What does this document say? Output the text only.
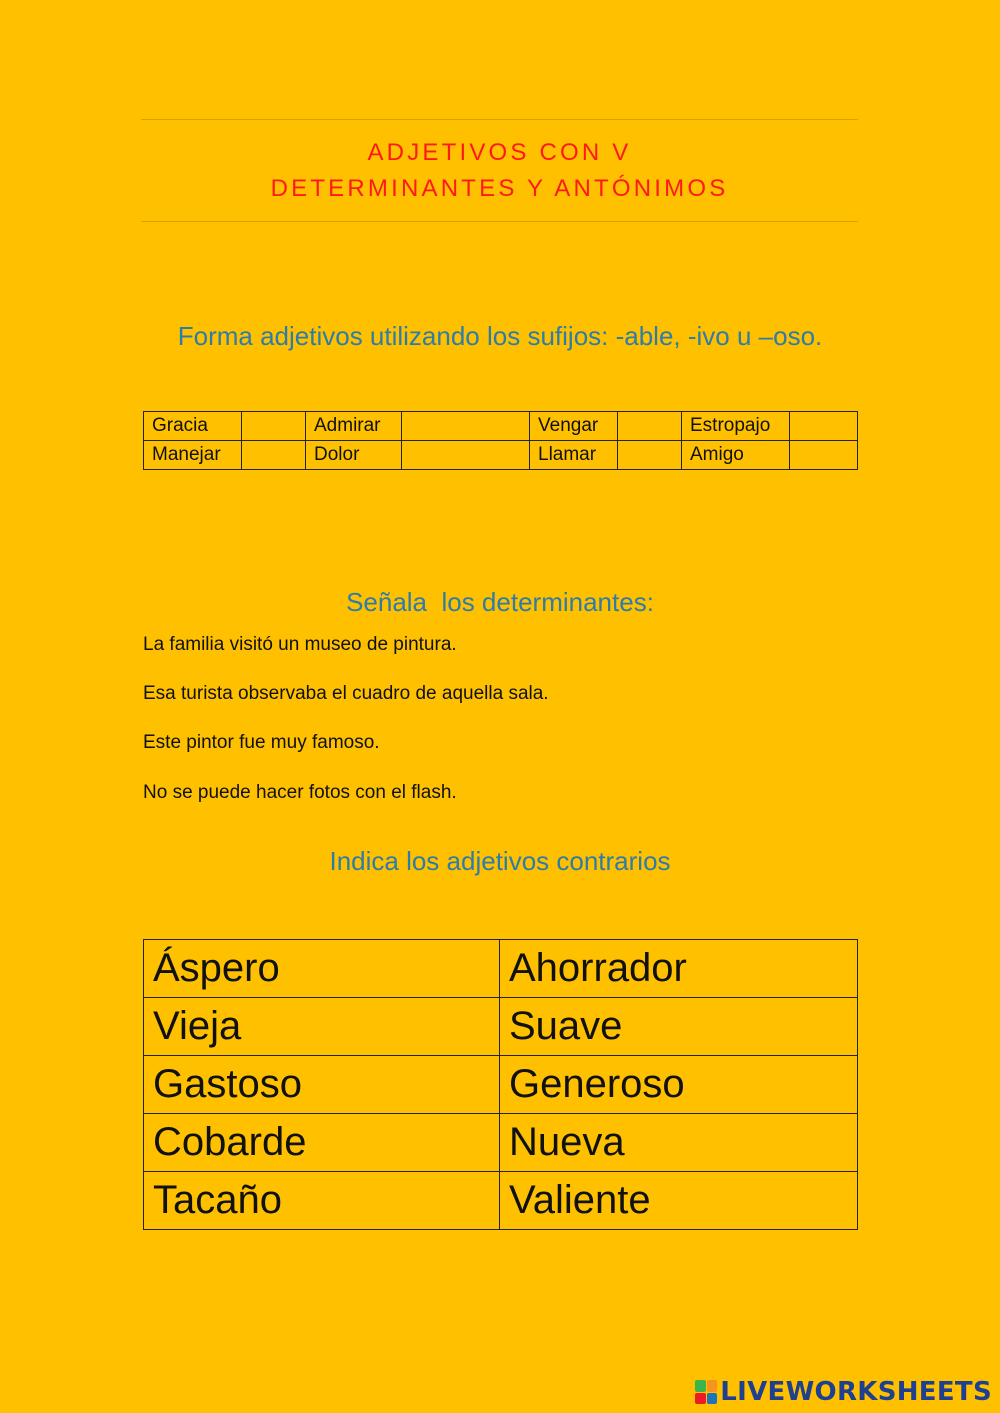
ADJETIVOS CON V
DETERMINANTES Y ANTÓNIMOS
Forma adjetivos utilizando los sufijos: -able, -ivo u –oso.
Gracia		Admirar		Vengar		Estropajo	
Manejar		Dolor		Llamar		Amigo	
Señala  los determinantes:
La familia visitó un museo de pintura.
Esa turista observaba el cuadro de aquella sala.
Este pintor fue muy famoso.
No se puede hacer fotos con el flash.
Indica los adjetivos contrarios
Áspero	Ahorrador
Vieja	Suave
Gastoso	Generoso
Cobarde	Nueva
Tacaño	Valiente
LIVEWORKSHEETS
